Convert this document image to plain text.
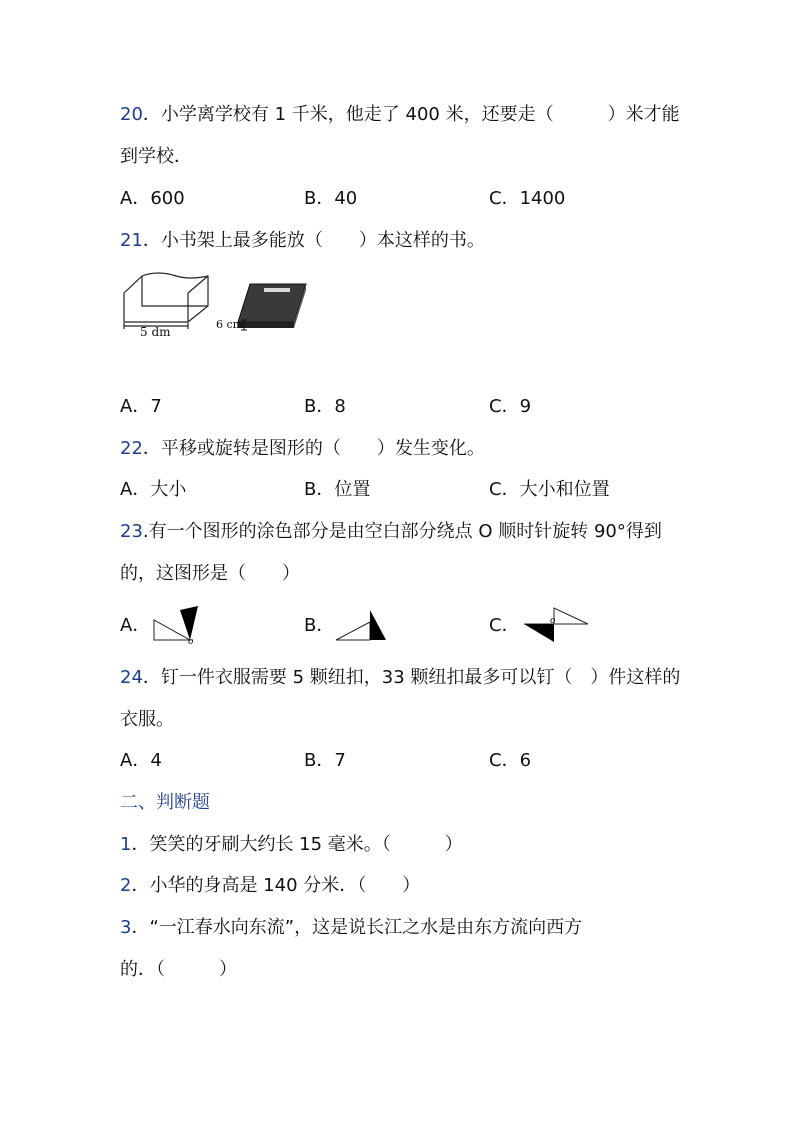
20．小学离学校有 1 千米，他走了 400 米，还要走（　　　）米才能
到学校．
A．600	B．40	C．1400
21．小书架上最多能放（　　）本这样的书。
5 dm
6 cm
A．7	B．8	C．9
22．平移或旋转是图形的（　　）发生变化。
A．大小	B．位置	C．大小和位置
23.有一个图形的涂色部分是由空白部分绕点 O 顺时针旋转 90°得到
的，这图形是（　　）
A．
o
B．	C．	o
24．钉一件衣服需要 5 颗纽扣，33 颗纽扣最多可以钉（　）件这样的
衣服。
A．4	B．7	C．6
二、判断题
1．笑笑的牙刷大约长 15 毫米。（　　　）
2．小华的身高是 140 分米．（　　）
3．“一江春水向东流”，这是说长江之水是由东方流向西方
的．（　　　）
